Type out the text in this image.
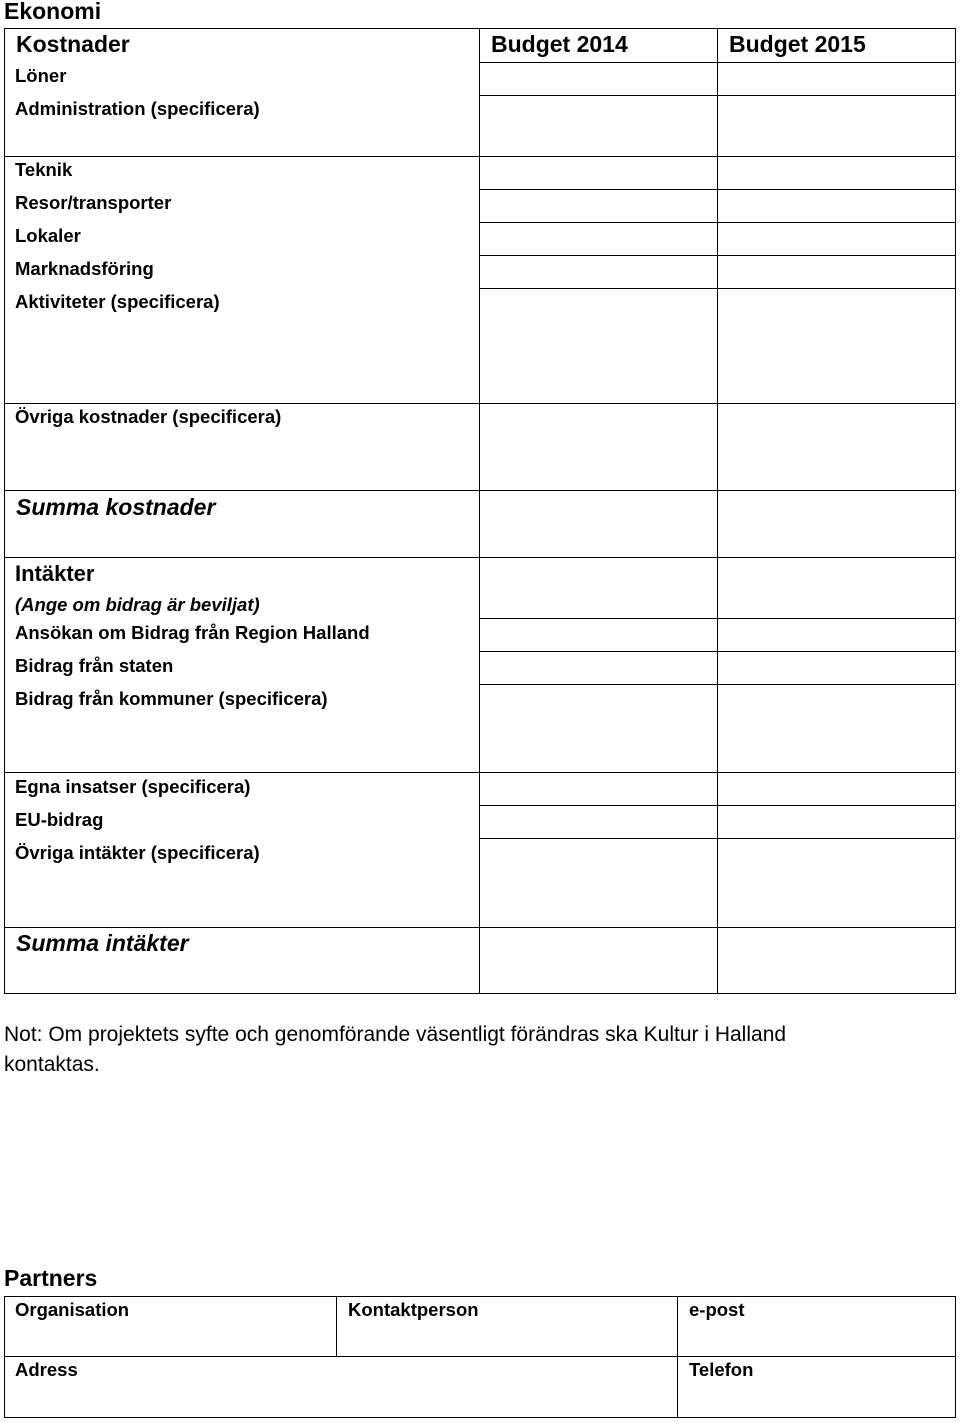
Ekonomi
Kostnader	Budget 2014	Budget 2015
Löner
Administration (specificera)
Teknik
Resor/transporter
Lokaler
Marknadsföring
Aktiviteter (specificera)
Övriga kostnader (specificera)
Summa kostnader
Intäkter
(Ange om bidrag är beviljat)
Ansökan om Bidrag från Region Halland
Bidrag från staten
Bidrag från kommuner (specificera)
Egna insatser (specificera)
EU-bidrag
Övriga intäkter (specificera)
Summa intäkter
Not: Om projektets syfte och genomförande väsentligt förändras ska Kultur i Halland kontaktas.
Partners
Organisation	Kontaktperson	e-post
Adress	Telefon
